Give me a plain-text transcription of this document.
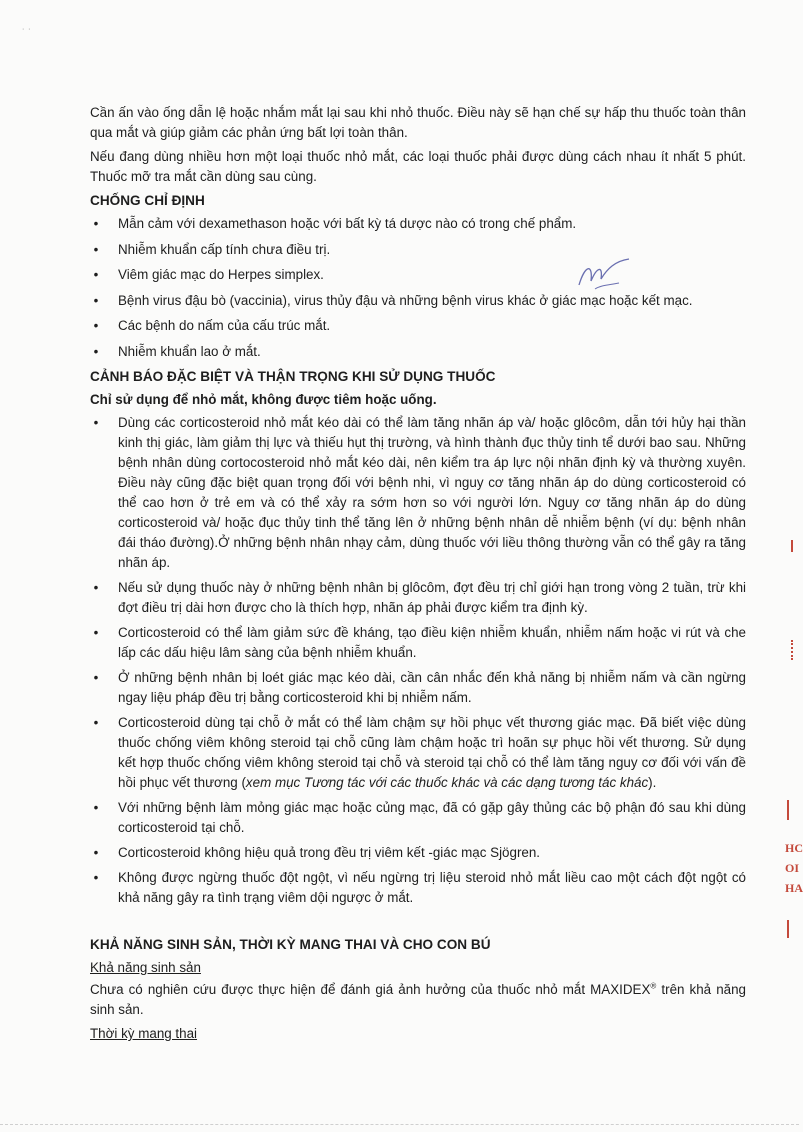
˙ ˙

Cần ấn vào ống dẫn lệ hoặc nhắm mắt lại sau khi nhỏ thuốc. Điều này sẽ hạn chế sự hấp thu thuốc toàn thân qua mắt và giúp giảm các phản ứng bất lợi toàn thân.

Nếu đang dùng nhiều hơn một loại thuốc nhỏ mắt, các loại thuốc phải được dùng cách nhau ít nhất 5 phút. Thuốc mỡ tra mắt cần dùng sau cùng.

CHỐNG CHỈ ĐỊNH
• Mẫn cảm với dexamethason hoặc với bất kỳ tá dược nào có trong chế phẩm.
• Nhiễm khuẩn cấp tính chưa điều trị.
• Viêm giác mạc do Herpes simplex.
• Bệnh virus đậu bò (vaccinia), virus thủy đậu và những bệnh virus khác ở giác mạc hoặc kết mạc.
• Các bệnh do nấm của cấu trúc mắt.
• Nhiễm khuẩn lao ở mắt.
CẢNH BÁO ĐẶC BIỆT VÀ THẬN TRỌNG KHI SỬ DỤNG THUỐC
Chỉ sử dụng để nhỏ mắt, không được tiêm hoặc uống.
• Dùng các corticosteroid nhỏ mắt kéo dài có thể làm tăng nhãn áp và/ hoặc glôcôm, dẫn tới hủy hại thần kinh thị giác, làm giảm thị lực và thiếu hụt thị trường, và hình thành đục thủy tinh tể dưới bao sau. Những bệnh nhân dùng cortocosteroid nhỏ mắt kéo dài, nên kiểm tra áp lực nội nhãn định kỳ và thường xuyên. Điều này cũng đặc biệt quan trọng đối với bệnh nhi, vì nguy cơ tăng nhãn áp do dùng corticosteroid có thể cao hơn ở trẻ em và có thể xảy ra sớm hơn so với người lớn. Nguy cơ tăng nhãn áp do dùng corticosteroid và/ hoặc đục thủy tinh thể tăng lên ở những bệnh nhân dễ nhiễm bệnh (ví dụ: bệnh nhân đái tháo đường).Ở những bệnh nhân nhạy cảm, dùng thuốc với liều thông thường vẫn có thể gây ra tăng nhãn áp.
• Nếu sử dụng thuốc này ở những bệnh nhân bị glôcôm, đợt đều trị chỉ giới hạn trong vòng 2 tuần, trừ khi đợt điều trị dài hơn được cho là thích hợp, nhãn áp phải được kiểm tra định kỳ.
• Corticosteroid có thể làm giảm sức đề kháng, tạo điều kiện nhiễm khuẩn, nhiễm nấm hoặc vi rút và che lấp các dấu hiệu lâm sàng của bệnh nhiễm khuẩn.
• Ở những bệnh nhân bị loét giác mạc kéo dài, cần cân nhắc đến khả năng bị nhiễm nấm và cần ngừng ngay liệu pháp đều trị bằng corticosteroid khi bị nhiễm nấm.
• Corticosteroid dùng tại chỗ ở mắt có thể làm chậm sự hồi phục vết thương giác mạc. Đã biết việc dùng thuốc chống viêm không steroid tại chỗ cũng làm chậm hoặc trì hoãn sự phục hồi vết thương. Sử dụng kết hợp thuốc chống viêm không steroid tại chỗ và steroid tại chỗ có thể làm tăng nguy cơ đối với vấn đề hồi phục vết thương (xem mục Tương tác với các thuốc khác và các dạng tương tác khác).
• Với những bệnh làm mỏng giác mạc hoặc củng mạc, đã có gặp gây thủng các bộ phận đó sau khi dùng corticosteroid tại chỗ.
• Corticosteroid không hiệu quả trong đều trị viêm kết -giác mạc Sjögren.
• Không được ngừng thuốc đột ngột, vì nếu ngừng trị liệu steroid nhỏ mắt liều cao một cách đột ngột có khả năng gây ra tình trạng viêm dội ngược ở mắt.
KHẢ NĂNG SINH SẢN, THỜI KỲ MANG THAI VÀ CHO CON BÚ
Khả năng sinh sản

Chưa có nghiên cứu được thực hiện để đánh giá ảnh hưởng của thuốc nhỏ mắt MAXIDEX® trên khả năng sinh sản.

Thời kỳ mang thai
HC
OI
HA
